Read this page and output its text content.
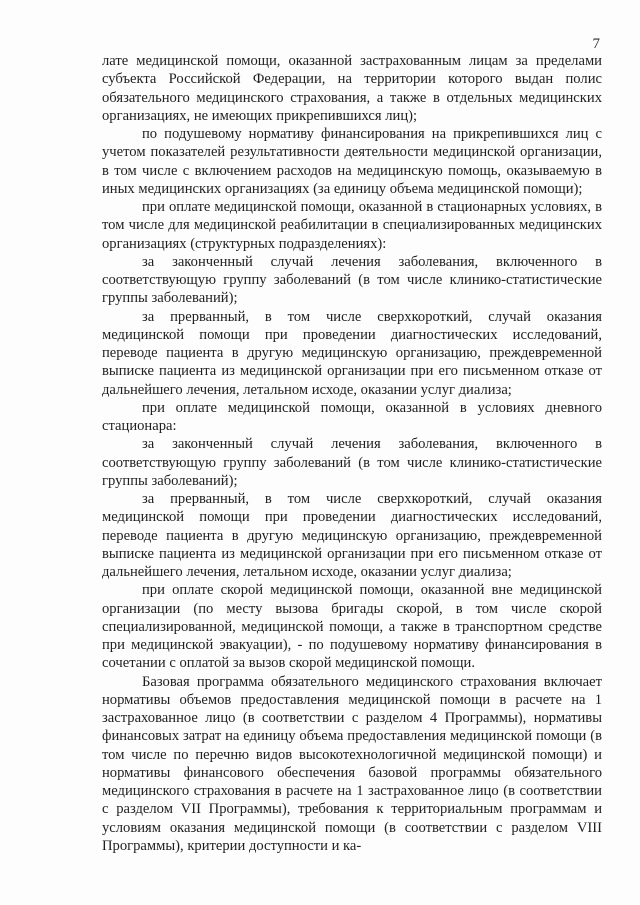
7

лате медицинской помощи, оказанной застрахованным лицам за пределами субъекта Российской Федерации, на территории которого выдан полис обязательного медицинского страхования, а также в отдельных медицинских организациях, не имеющих прикрепившихся лиц);

по подушевому нормативу финансирования на прикрепившихся лиц с учетом показателей результативности деятельности медицинской организации, в том числе с включением расходов на медицинскую помощь, оказываемую в иных медицинских организациях (за единицу объема медицинской помощи);

при оплате медицинской помощи, оказанной в стационарных условиях, в том числе для медицинской реабилитации в специализированных медицинских организациях (структурных подразделениях):

за законченный случай лечения заболевания, включенного в соответствующую группу заболеваний (в том числе клинико-статистические группы заболеваний);

за прерванный, в том числе сверхкороткий, случай оказания медицинской помощи при проведении диагностических исследований, переводе пациента в другую медицинскую организацию, преждевременной выписке пациента из медицинской организации при его письменном отказе от дальнейшего лечения, летальном исходе, оказании услуг диализа;

при оплате медицинской помощи, оказанной в условиях дневного стационара:

за законченный случай лечения заболевания, включенного в соответствующую группу заболеваний (в том числе клинико-статистические группы заболеваний);

за прерванный, в том числе сверхкороткий, случай оказания медицинской помощи при проведении диагностических исследований, переводе пациента в другую медицинскую организацию, преждевременной выписке пациента из медицинской организации при его письменном отказе от дальнейшего лечения, летальном исходе, оказании услуг диализа;

при оплате скорой медицинской помощи, оказанной вне медицинской организации (по месту вызова бригады скорой, в том числе скорой специализированной, медицинской помощи, а также в транспортном средстве при медицинской эвакуации), - по подушевому нормативу финансирования в сочетании с оплатой за вызов скорой медицинской помощи.

Базовая программа обязательного медицинского страхования включает нормативы объемов предоставления медицинской помощи в расчете на 1 застрахованное лицо (в соответствии с разделом 4 Программы), нормативы финансовых затрат на единицу объема предоставления медицинской помощи (в том числе по перечню видов высокотехнологичной медицинской помощи) и нормативы финансового обеспечения базовой программы обязательного медицинского страхования в расчете на 1 застрахованное лицо (в соответствии с разделом VII Программы), требования к территориальным программам и условиям оказания медицинской помощи (в соответствии с разделом VIII Программы), критерии доступности и ка-
